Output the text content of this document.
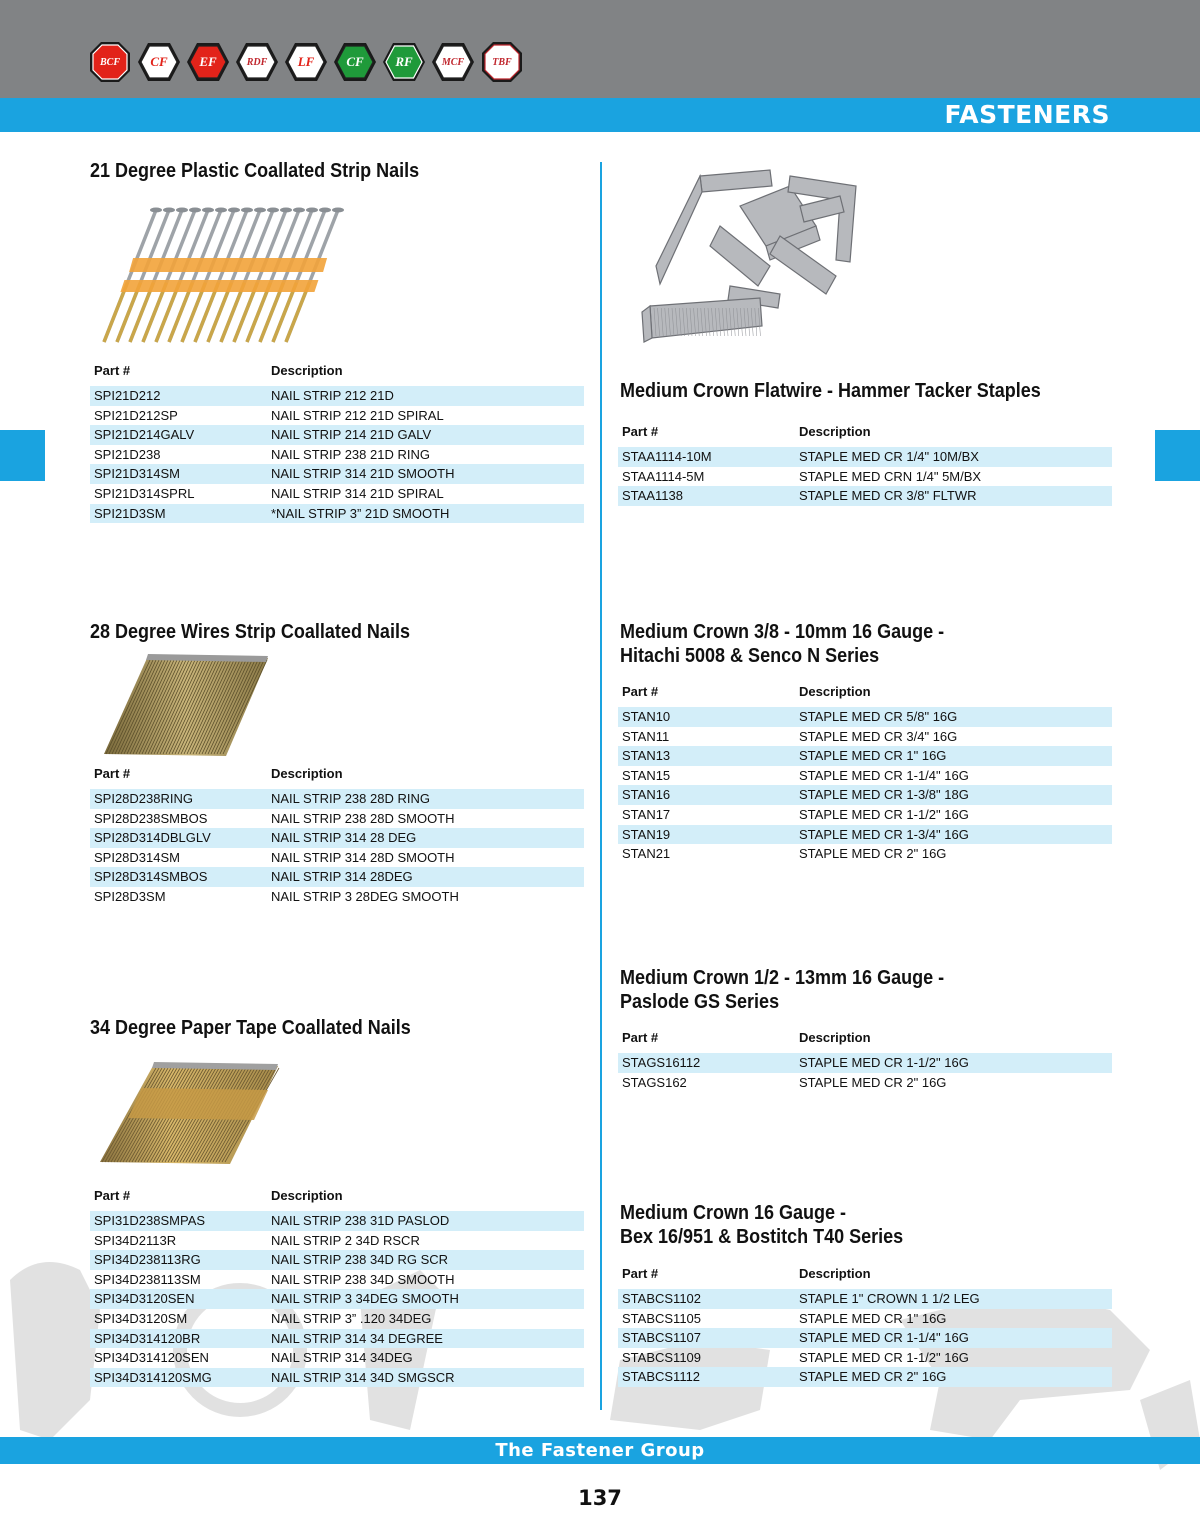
BCF	CF	EF	RDF	LF	CF	RF	MCF	TBF
FASTENERS
21 Degree Plastic Coallated Strip Nails
Part #	Description
SPI21D212	NAIL STRIP 212 21D
SPI21D212SP	NAIL STRIP 212 21D SPIRAL
SPI21D214GALV	NAIL STRIP 214 21D GALV
SPI21D238	NAIL STRIP 238 21D RING
SPI21D314SM	NAIL STRIP 314 21D SMOOTH
SPI21D314SPRL	NAIL STRIP 314 21D SPIRAL
SPI21D3SM	*NAIL STRIP 3” 21D SMOOTH
28 Degree Wires Strip Coallated Nails
Part #	Description
SPI28D238RING	NAIL STRIP 238 28D RING
SPI28D238SMBOS	NAIL STRIP 238 28D SMOOTH
SPI28D314DBLGLV	NAIL STRIP 314 28 DEG
SPI28D314SM	NAIL STRIP 314 28D SMOOTH
SPI28D314SMBOS	NAIL STRIP 314 28DEG
SPI28D3SM	NAIL STRIP 3 28DEG SMOOTH
34 Degree Paper Tape Coallated Nails
Part #	Description
SPI31D238SMPAS	NAIL STRIP 238 31D PASLOD
SPI34D2113R	NAIL STRIP 2 34D RSCR
SPI34D238113RG	NAIL STRIP 238 34D RG SCR
SPI34D238113SM	NAIL STRIP 238 34D SMOOTH
SPI34D3120SEN	NAIL STRIP 3 34DEG SMOOTH
SPI34D3120SM	NAIL STRIP 3” .120 34DEG
SPI34D314120BR	NAIL STRIP 314 34 DEGREE
SPI34D314120SEN	NAIL STRIP 314 34DEG
SPI34D314120SMG	NAIL STRIP 314 34D SMGSCR
Medium Crown Flatwire - Hammer Tacker Staples
Part #	Description
STAA1114-10M	STAPLE MED CR 1/4" 10M/BX
STAA1114-5M	STAPLE MED CRN 1/4" 5M/BX
STAA1138	STAPLE MED CR 3/8" FLTWR
Medium Crown 3/8 - 10mm 16 Gauge -
Hitachi 5008 & Senco N Series
Part #	Description
STAN10	STAPLE MED CR 5/8" 16G
STAN11	STAPLE MED CR 3/4" 16G
STAN13	STAPLE MED CR 1" 16G
STAN15	STAPLE MED CR 1-1/4" 16G
STAN16	STAPLE MED CR 1-3/8" 18G
STAN17	STAPLE MED CR 1-1/2" 16G
STAN19	STAPLE MED CR 1-3/4" 16G
STAN21	STAPLE MED CR 2" 16G
Medium Crown 1/2 - 13mm 16 Gauge -
Paslode GS Series
Part #	Description
STAGS16112	STAPLE MED CR 1-1/2" 16G
STAGS162	STAPLE MED CR 2" 16G
Medium Crown 16 Gauge -
Bex 16/951 & Bostitch T40 Series
Part #	Description
STABCS1102	STAPLE 1" CROWN 1 1/2 LEG
STABCS1105	STAPLE MED CR 1" 16G
STABCS1107	STAPLE MED CR 1-1/4" 16G
STABCS1109	STAPLE MED CR 1-1/2" 16G
STABCS1112	STAPLE MED CR 2" 16G
The Fastener Group
137
